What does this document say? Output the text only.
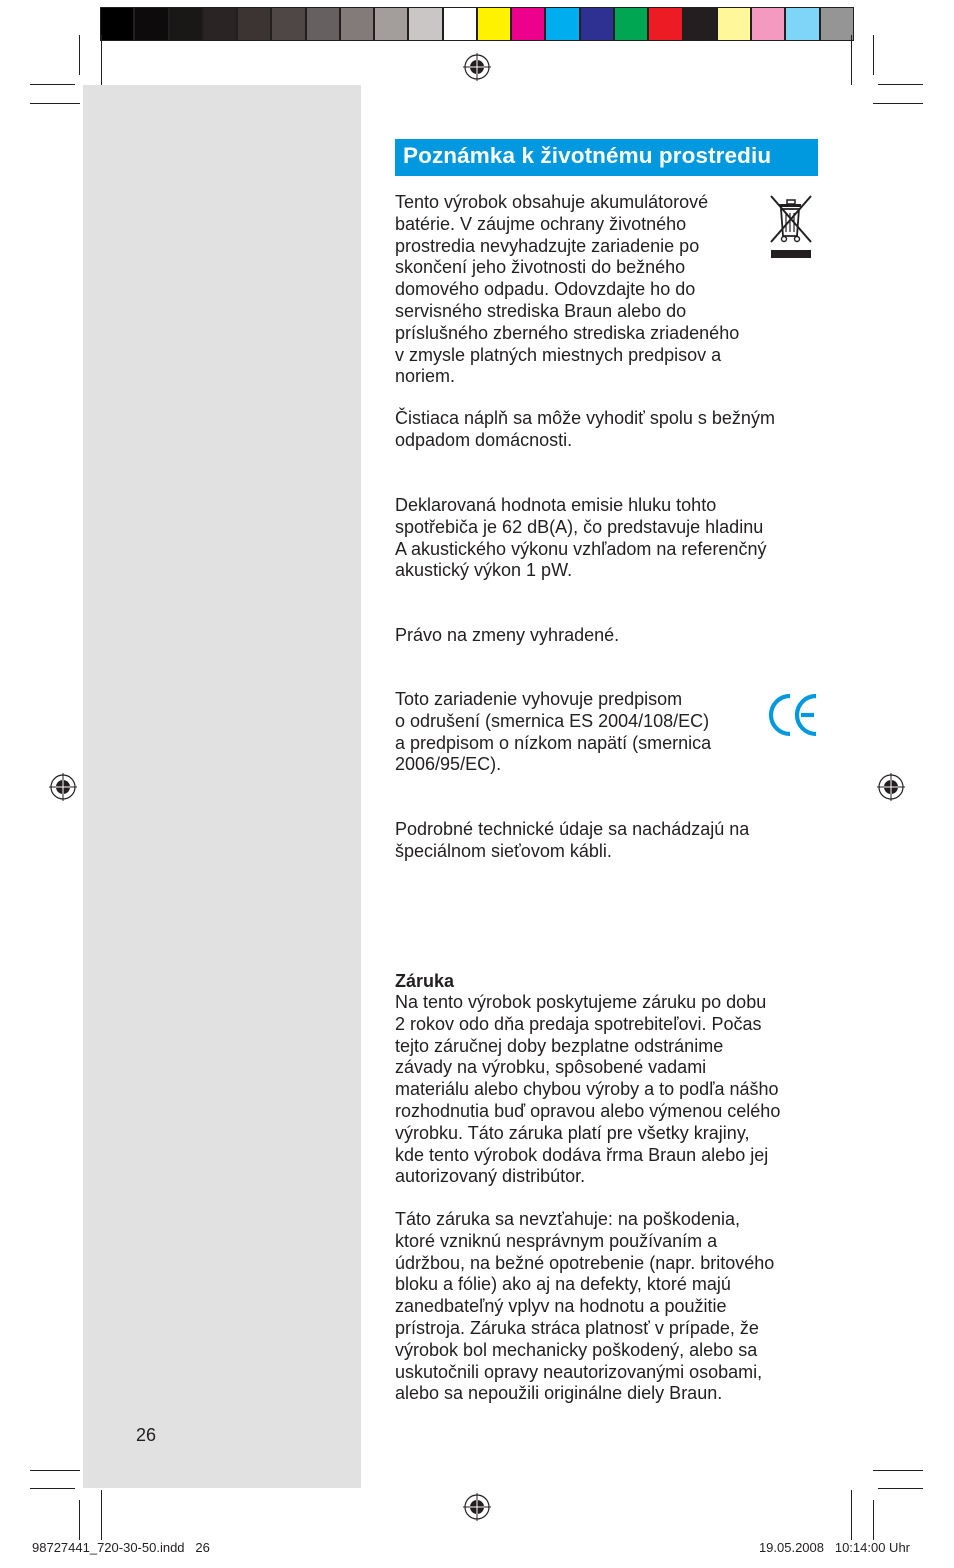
Poznámka k životnému prostrediu

Tento výrobok obsahuje akumulátorové
batérie. V záujme ochrany životného
prostredia nevyhadzujte zariadenie po
skončení jeho životnosti do bežného
domového odpadu. Odovzdajte ho do
servisného strediska Braun alebo do
príslušného zberného strediska zriadeného
v zmysle platných miestnych predpisov a
noriem.

Čistiaca náplň sa môže vyhodiť spolu s bežným
odpadom domácnosti.

Deklarovaná hodnota emisie hluku tohto
spotřebiča je 62 dB(A), čo predstavuje hladinu
A akustického výkonu vzhľadom na referenčný
akustický výkon 1 pW.

Právo na zmeny vyhradené.

Toto zariadenie vyhovuje predpisom
o odrušení (smernica ES 2004/108/EC)
a predpisom o nízkom napätí (smernica
2006/95/EC).

Podrobné technické údaje sa nachádzajú na
špeciálnom sieťovom kábli.

Záruka

Na tento výrobok poskytujeme záruku po dobu
2 rokov odo dňa predaja spotrebiteľovi. Počas
tejto záručnej doby bezplatne odstránime
závady na výrobku, spôsobené vadami
materiálu alebo chybou výroby a to podľa nášho
rozhodnutia buď opravou alebo výmenou celého
výrobku. Táto záruka platí pre všetky krajiny,
kde tento výrobok dodáva řrma Braun alebo jej
autorizovaný distribútor.

Táto záruka sa nevzťahuje: na poškodenia,
ktoré vzniknú nesprávnym používaním a
údržbou, na bežné opotrebenie (napr. britového
bloku a fólie) ako aj na defekty, ktoré majú
zanedbateľný vplyv na hodnotu a použitie
prístroja. Záruka stráca platnosť v prípade, že
výrobok bol mechanicky poškodený, alebo sa
uskutočnili opravy neautorizovanými osobami,
alebo sa nepoužili originálne diely Braun.

26
98727441_720-30-50.indd   26	19.05.2008   10:14:00 Uhr
